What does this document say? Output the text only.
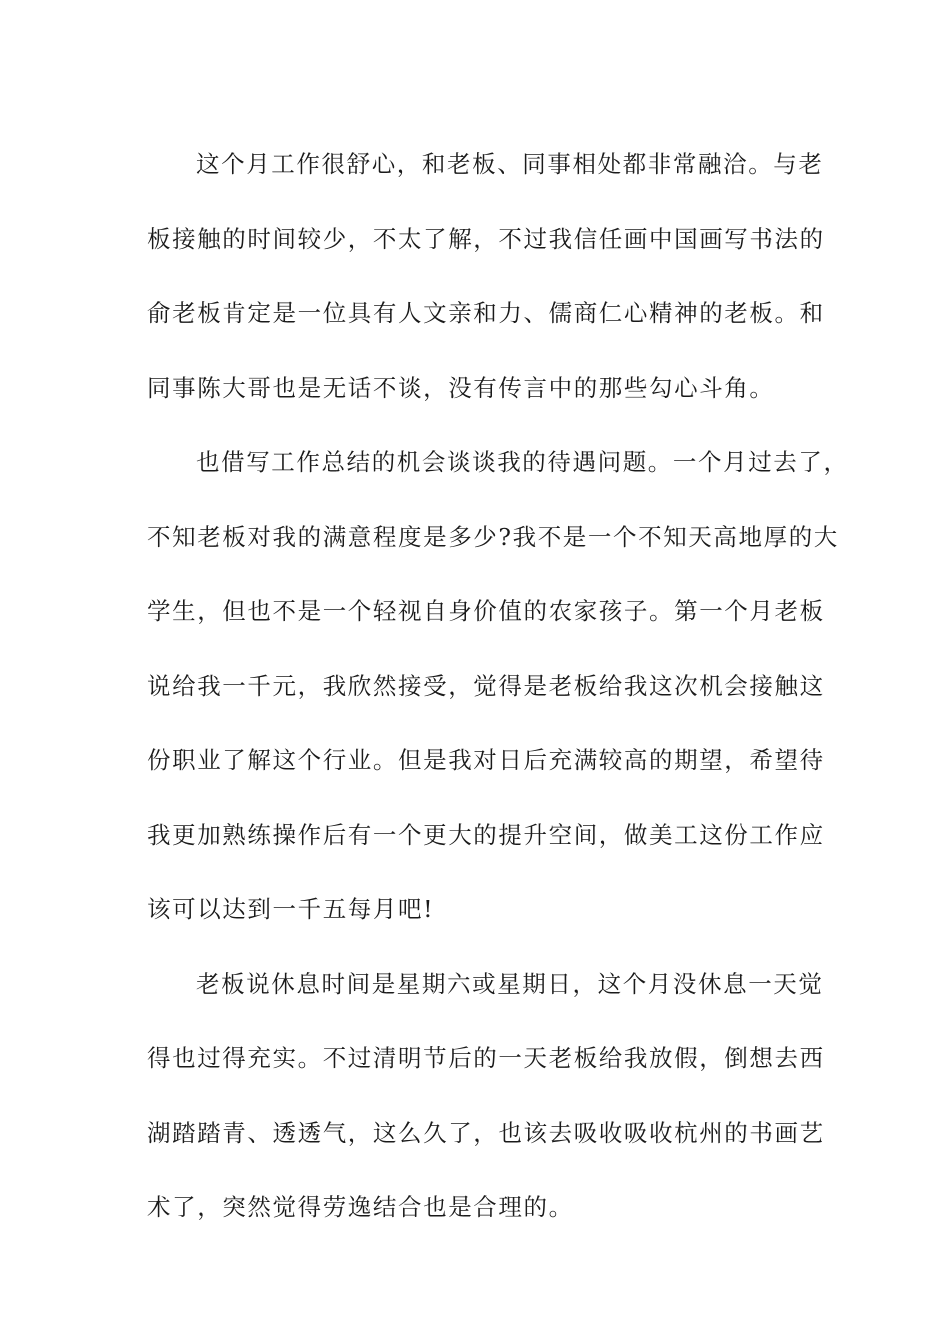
这个月工作很舒心，和老板、同事相处都非常融洽。与老
板接触的时间较少，不太了解，不过我信任画中国画写书法的
俞老板肯定是一位具有人文亲和力、儒商仁心精神的老板。和
同事陈大哥也是无话不谈，没有传言中的那些勾心斗角。
也借写工作总结的机会谈谈我的待遇问题。一个月过去了，
不知老板对我的满意程度是多少?我不是一个不知天高地厚的大
学生，但也不是一个轻视自身价值的农家孩子。第一个月老板
说给我一千元，我欣然接受，觉得是老板给我这次机会接触这
份职业了解这个行业。但是我对日后充满较高的期望，希望待
我更加熟练操作后有一个更大的提升空间，做美工这份工作应
该可以达到一千五每月吧!
老板说休息时间是星期六或星期日，这个月没休息一天觉
得也过得充实。不过清明节后的一天老板给我放假，倒想去西
湖踏踏青、透透气，这么久了，也该去吸收吸收杭州的书画艺
术了，突然觉得劳逸结合也是合理的。
